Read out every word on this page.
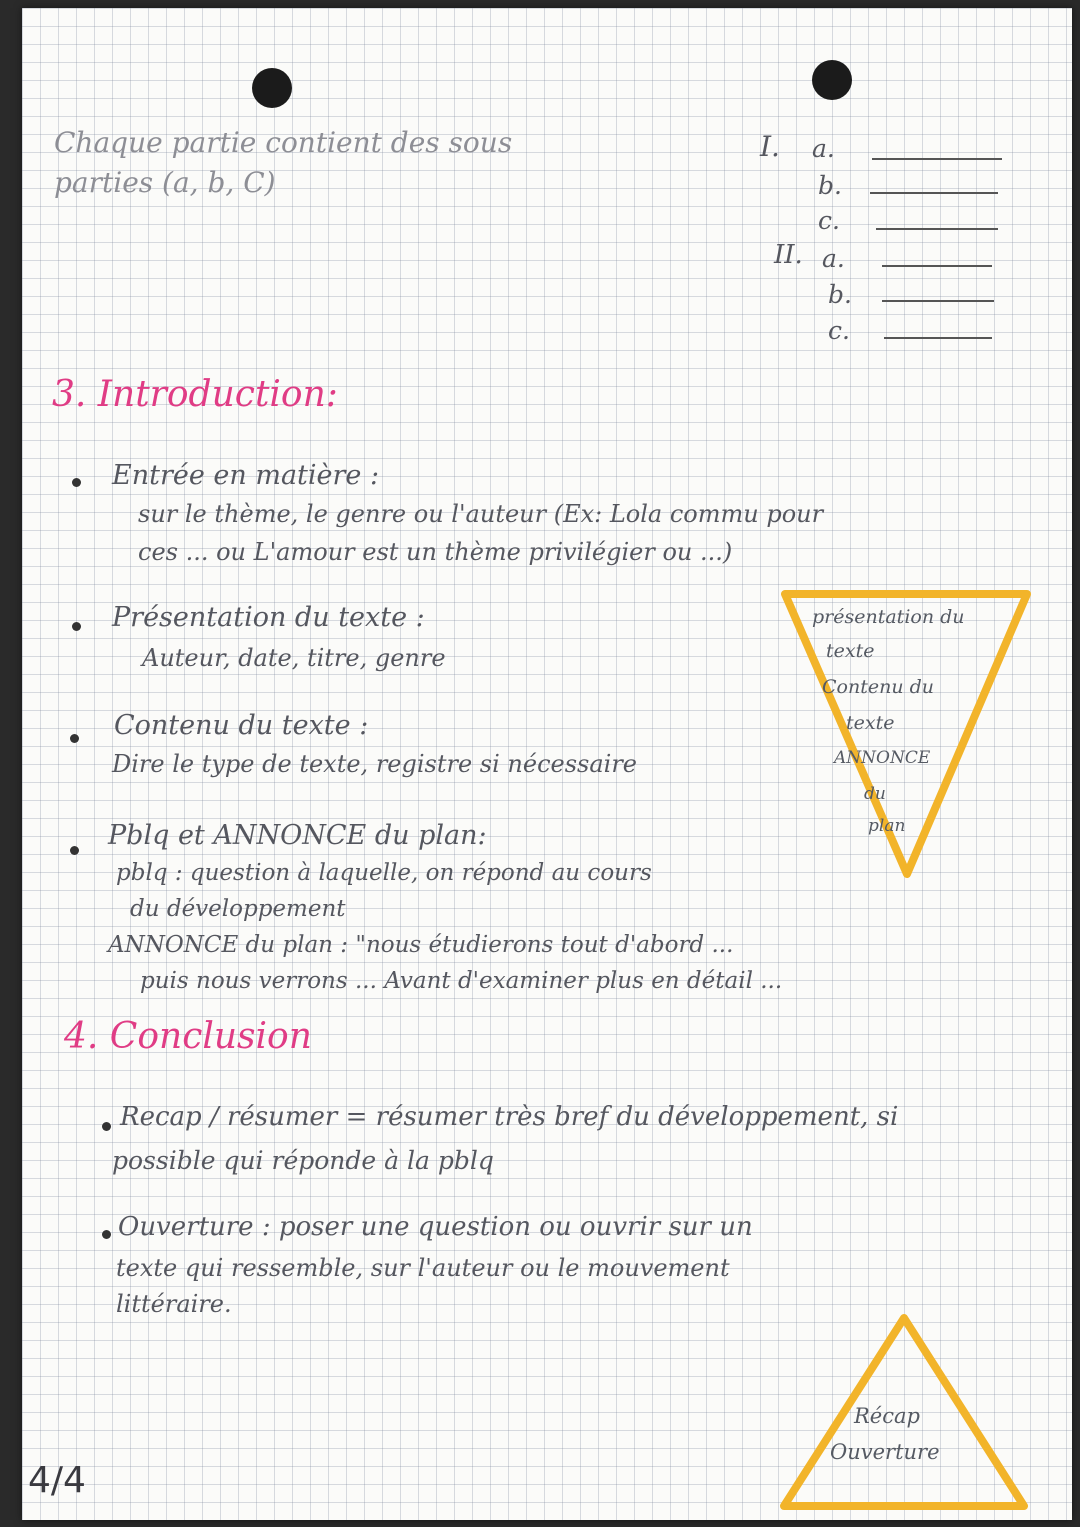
Chaque partie contient des sous parties (a, b, C)
I. a.
b.
c.
II. a.
b.
c.
3. Introduction:
Entrée en matière :
sur le thème, le genre ou l'auteur (Ex: Lola commu pour
ces ... ou L'amour est un thème privilégier ou ...)
Présentation du texte :
Auteur, date, titre, genre
Contenu du texte :
Dire le type de texte, registre si nécessaire
Pblq et ANNONCE du plan:
pblq : question à laquelle, on répond au cours
du développement
ANNONCE du plan : "nous étudierons tout d'abord ...
puis nous verrons ... Avant d'examiner plus en détail ...
présentation du
texte
Contenu du
texte
ANNONCE
du
plan
4. Conclusion
Recap / résumer = résumer très bref du développement, si
possible qui réponde à la pblq
Ouverture : poser une question ou ouvrir sur un
texte qui ressemble, sur l'auteur ou le mouvement
littéraire.
Récap
Ouverture
4/4
